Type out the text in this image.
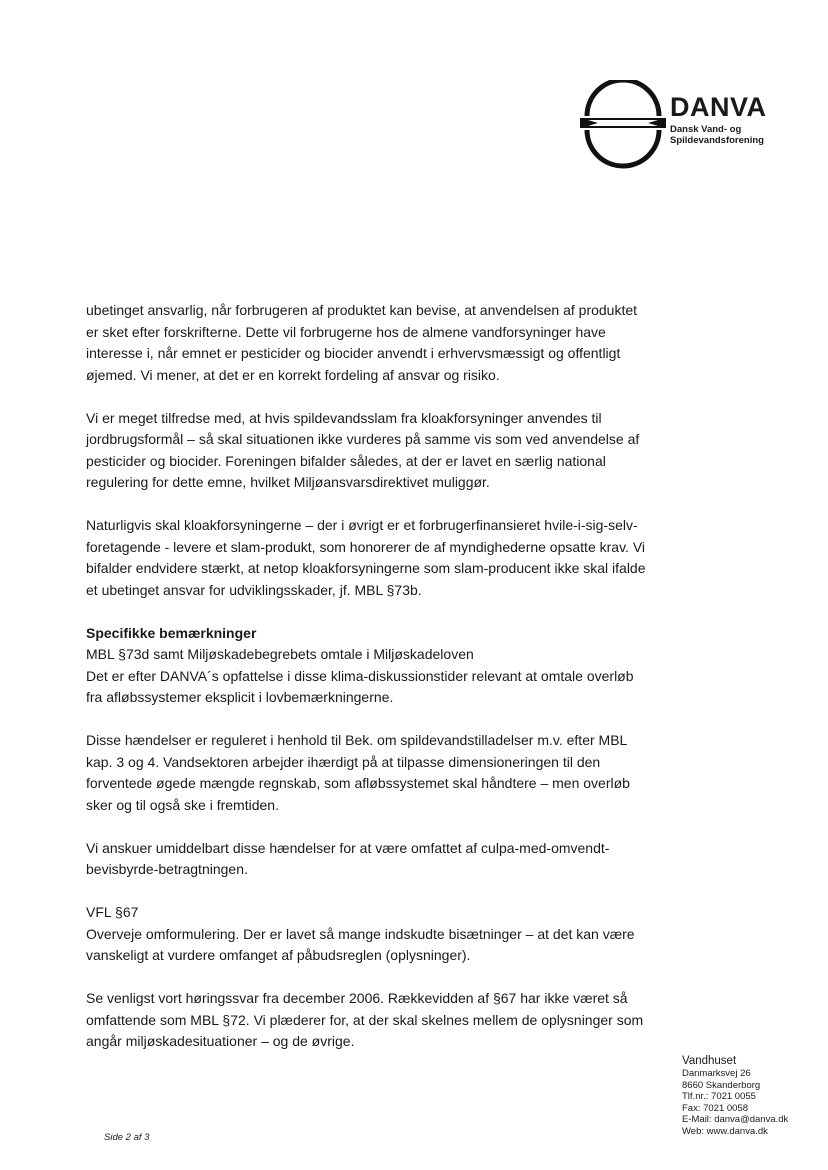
DANVA
Dansk Vand- og
Spildevandsforening

ubetinget ansvarlig, når forbrugeren af produktet kan bevise, at anvendelsen af produktet er sket efter forskrifterne. Dette vil forbrugerne hos de almene vandforsyninger have interesse i, når emnet er pesticider og biocider anvendt i erhvervsmæssigt og offentligt øjemed. Vi mener, at det er en korrekt fordeling af ansvar og risiko.

Vi er meget tilfredse med, at hvis spildevandsslam fra kloakforsyninger anvendes til jordbrugsformål – så skal situationen ikke vurderes på samme vis som ved anvendelse af pesticider og biocider. Foreningen bifalder således, at der er lavet en særlig national regulering for dette emne, hvilket Miljøansvarsdirektivet muliggør.

Naturligvis skal kloakforsyningerne – der i øvrigt er et forbrugerfinansieret hvile-i-sig-selv-foretagende - levere et slam-produkt, som honorerer de af myndighederne opsatte krav. Vi bifalder endvidere stærkt, at netop kloakforsyningerne som slam-producent ikke skal ifalde et ubetinget ansvar for udviklingsskader, jf. MBL §73b.

Specifikke bemærkninger
MBL §73d samt Miljøskadebegrebets omtale i Miljøskadeloven
Det er efter DANVA´s opfattelse i disse klima-diskussionstider relevant at omtale overløb fra afløbssystemer eksplicit i lovbemærkningerne.

Disse hændelser er reguleret i henhold til Bek. om spildevandstilladelser m.v. efter MBL kap. 3 og 4. Vandsektoren arbejder ihærdigt på at tilpasse dimensioneringen til den forventede øgede mængde regnskab, som afløbssystemet skal håndtere – men overløb sker og til også ske i fremtiden.

Vi anskuer umiddelbart disse hændelser for at være omfattet af culpa-med-omvendt-bevisbyrde-betragtningen.

VFL §67
Overveje omformulering. Der er lavet så mange indskudte bisætninger – at det kan være vanskeligt at vurdere omfanget af påbudsreglen (oplysninger).

Se venligst vort høringssvar fra december 2006. Rækkevidden af §67 har ikke været så omfattende som MBL §72. Vi plæderer for, at der skal skelnes mellem de oplysninger som angår miljøskadesituationer – og de øvrige.

Vandhuset
Danmarksvej 26
8660 Skanderborg
Tlf.nr.: 7021 0055
Fax: 7021 0058
E-Mail: danva@danva.dk
Web: www.danva.dk
Side 2 af 3
